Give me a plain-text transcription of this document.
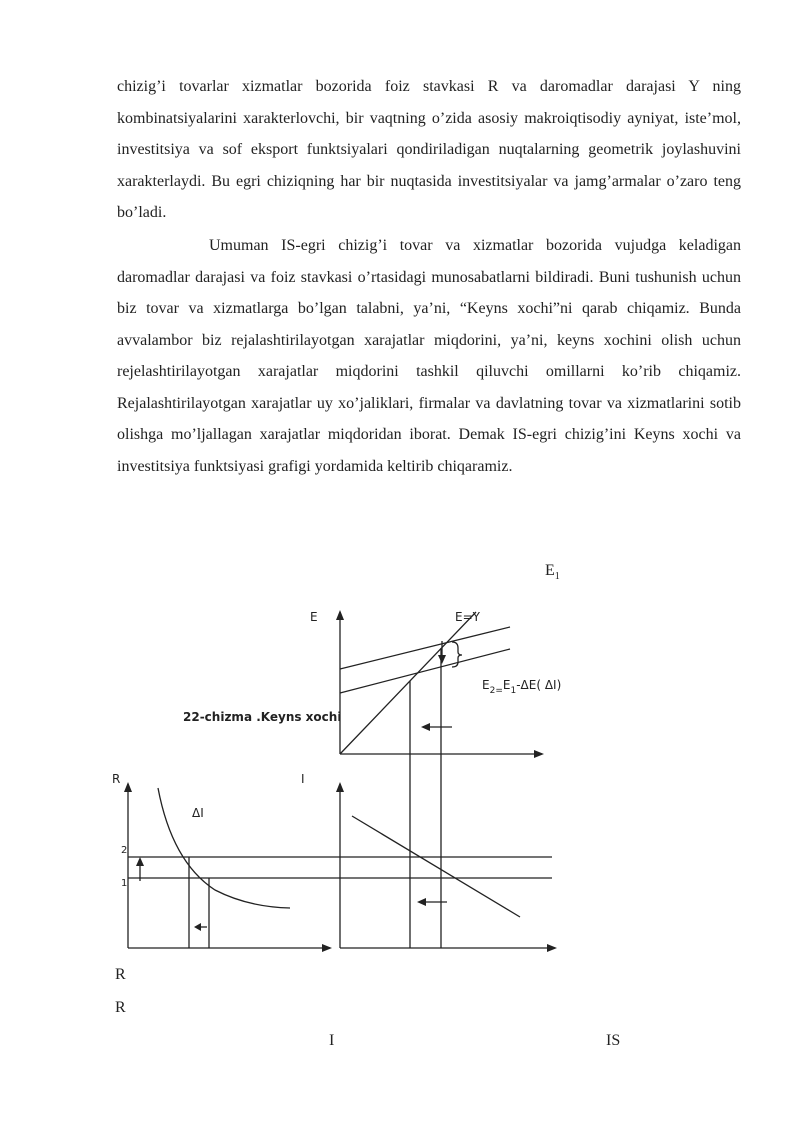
chizig’i tovarlar xizmatlar bozorida foiz stavkasi R va daromadlar darajasi Y ning kombinatsiyalarini xarakterlovchi, bir vaqtning o’zida asosiy makroiqtisodiy ayniyat, iste’mol, investitsiya va sof eksport funktsiyalari qondiriladigan nuqtalarning geometrik joylashuvini xarakterlaydi. Bu egri chiziqning har bir nuqtasida investitsiyalar va jamg’armalar o’zaro teng bo’ladi.

Umuman IS-egri chizig’i tovar va xizmatlar bozorida vujudga keladigan daromadlar darajasi va foiz stavkasi o’rtasidagi munosabatlarni bildiradi. Buni tushunish uchun biz tovar va xizmatlarga bo’lgan talabni, ya’ni, “Keyns xochi”ni qarab chiqamiz. Bunda avvalambor biz rejalashtirilayotgan xarajatlar miqdorini, ya’ni, keyns xochini olish uchun rejelashtirilayotgan xarajatlar miqdorini tashkil qiluvchi omillarni ko’rib chiqamiz. Rejalashtirilayotgan xarajatlar uy xo’jaliklari, firmalar va davlatning tovar va xizmatlarini sotib olishga mo’ljallagan xarajatlar miqdoridan iborat. Demak IS-egri chizig’ini Keyns xochi va investitsiya funktsiyasi grafigi yordamida keltirib chiqaramiz.

$E_1$
E	E=Y
$E_2=E_1-\Delta E$( ΔI)
22-chizma .Keyns xochi
R	I
ΔI
2
1
R
R
I	IS
